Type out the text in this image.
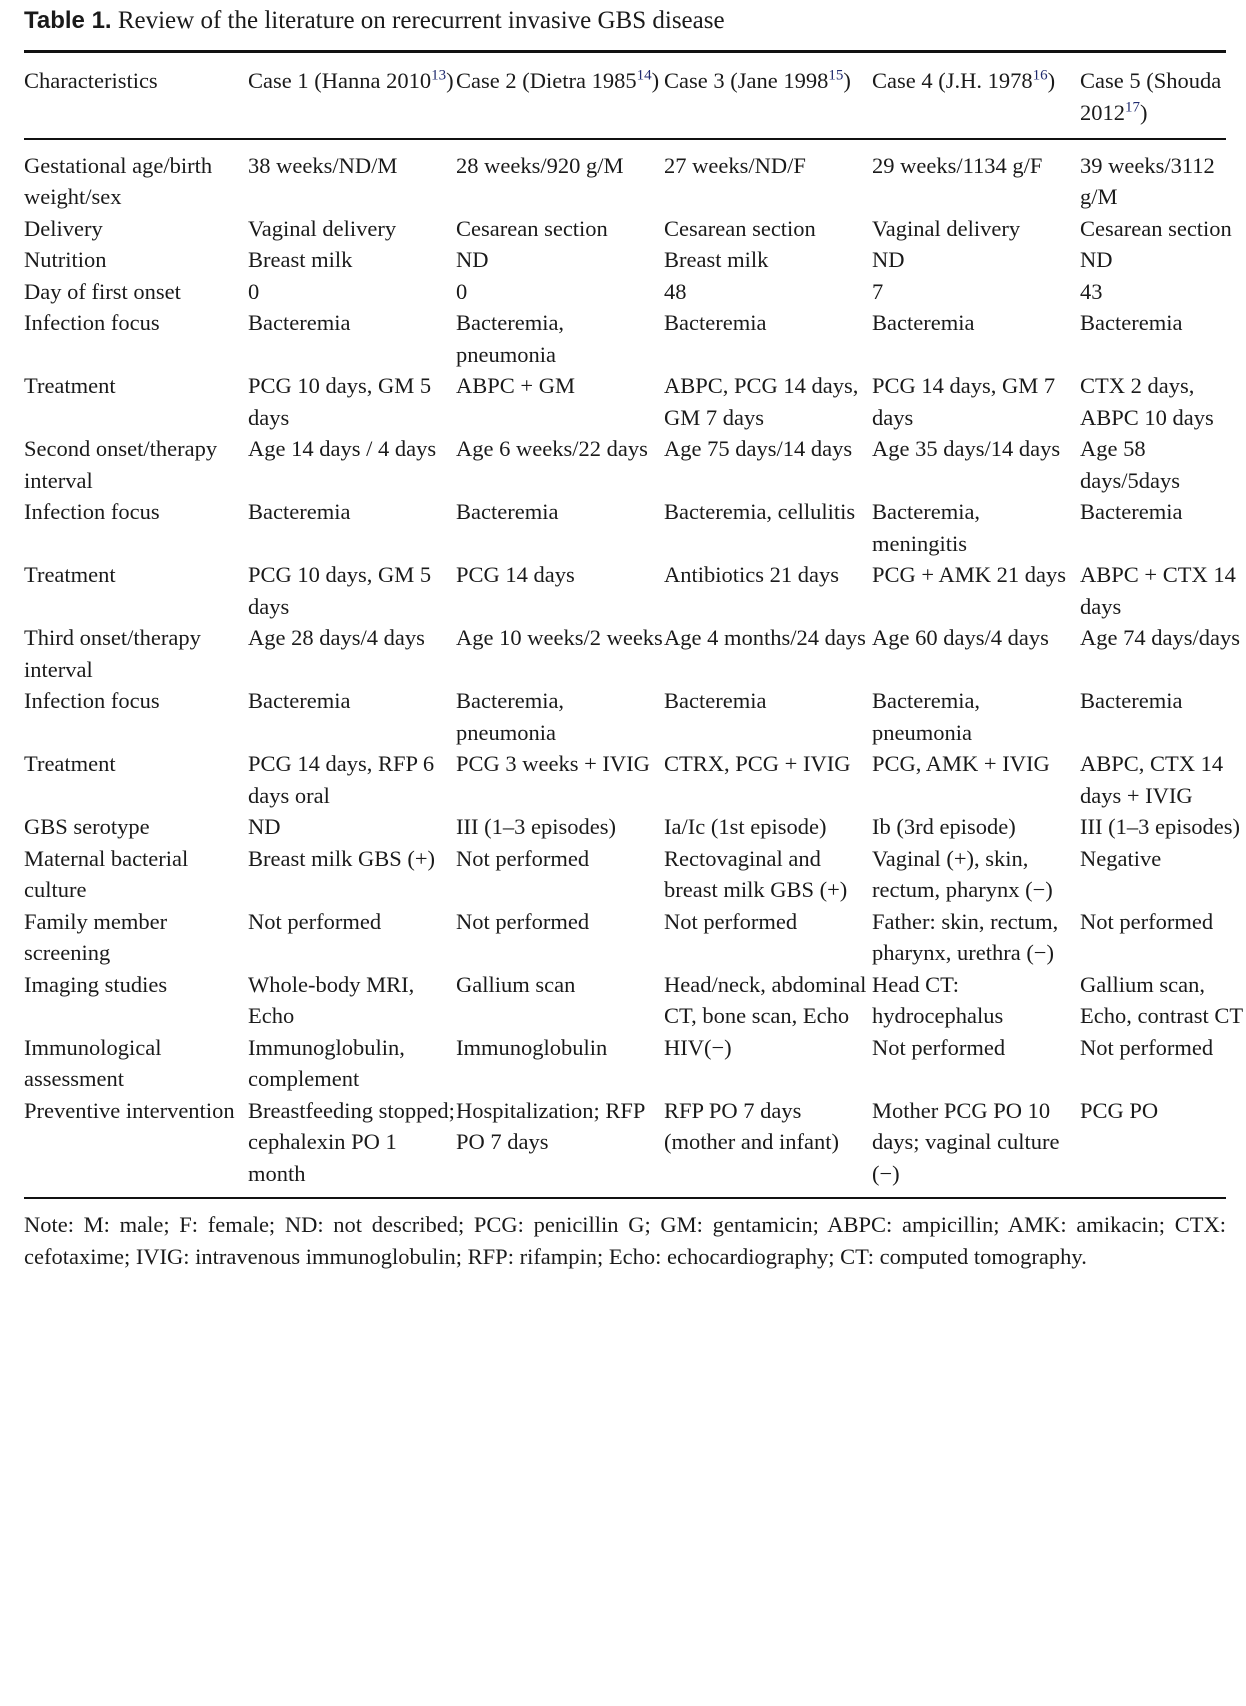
Table 1. Review of the literature on rerecurrent invasive GBS disease
Characteristics	Case 1 (Hanna 2010$^{13}$)	Case 2 (Dietra 1985$^{14}$)	Case 3 (Jane 1998$^{15}$)	Case 4 (J.H. 1978$^{16}$)	Case 5 (Shouda 2012$^{17}$)

Gestational age/birth weight/sex	38 weeks/ND/M	28 weeks/920 g/M	27 weeks/ND/F	29 weeks/1134 g/F	39 weeks/3112 g/M
Delivery	Vaginal delivery	Cesarean section	Cesarean section	Vaginal delivery	Cesarean section
Nutrition	Breast milk	ND	Breast milk	ND	ND
Day of first onset	0	0	48	7	43
Infection focus	Bacteremia	Bacteremia, pneumonia	Bacteremia	Bacteremia	Bacteremia
Treatment	PCG 10 days, GM 5 days	ABPC + GM	ABPC, PCG 14 days, GM 7 days	PCG 14 days, GM 7 days	CTX 2 days, ABPC 10 days
Second onset/therapy interval	Age 14 days / 4 days	Age 6 weeks/22 days	Age 75 days/14 days	Age 35 days/14 days	Age 58 days/5days
Infection focus	Bacteremia	Bacteremia	Bacteremia, cellulitis	Bacteremia, meningitis	Bacteremia
Treatment	PCG 10 days, GM 5 days	PCG 14 days	Antibiotics 21 days	PCG + AMK 21 days	ABPC + CTX 14 days
Third onset/therapy interval	Age 28 days/4 days	Age 10 weeks/2 weeks	Age 4 months/24 days	Age 60 days/4 days	Age 74 days/days
Infection focus	Bacteremia	Bacteremia, pneumonia	Bacteremia	Bacteremia, pneumonia	Bacteremia
Treatment	PCG 14 days, RFP 6 days oral	PCG 3 weeks + IVIG	CTRX, PCG + IVIG	PCG, AMK + IVIG	ABPC, CTX 14 days + IVIG
GBS serotype	ND	III (1–3 episodes)	Ia/Ic (1st episode)	Ib (3rd episode)	III (1–3 episodes)
Maternal bacterial culture	Breast milk GBS (+)	Not performed	Rectovaginal and breast milk GBS (+)	Vaginal (+), skin, rectum, pharynx (−)	Negative
Family member screening	Not performed	Not performed	Not performed	Father: skin, rectum, pharynx, urethra (−)	Not performed
Imaging studies	Whole-body MRI, Echo	Gallium scan	Head/neck, abdominal CT, bone scan, Echo	Head CT: hydrocephalus	Gallium scan, Echo, contrast CT
Immunological assessment	Immunoglobulin, complement	Immunoglobulin	HIV(−)	Not performed	Not performed
Preventive intervention	Breastfeeding stopped; cephalexin PO 1 month	Hospitalization; RFP PO 7 days	RFP PO 7 days (mother and infant)	Mother PCG PO 10 days; vaginal culture (−)	PCG PO
Note: M: male; F: female; ND: not described; PCG: penicillin G; GM: gentamicin; ABPC: ampicillin; AMK: amikacin; CTX: cefotaxime; IVIG: intravenous immunoglobulin; RFP: rifampin; Echo: echocardiography; CT: computed tomography.
